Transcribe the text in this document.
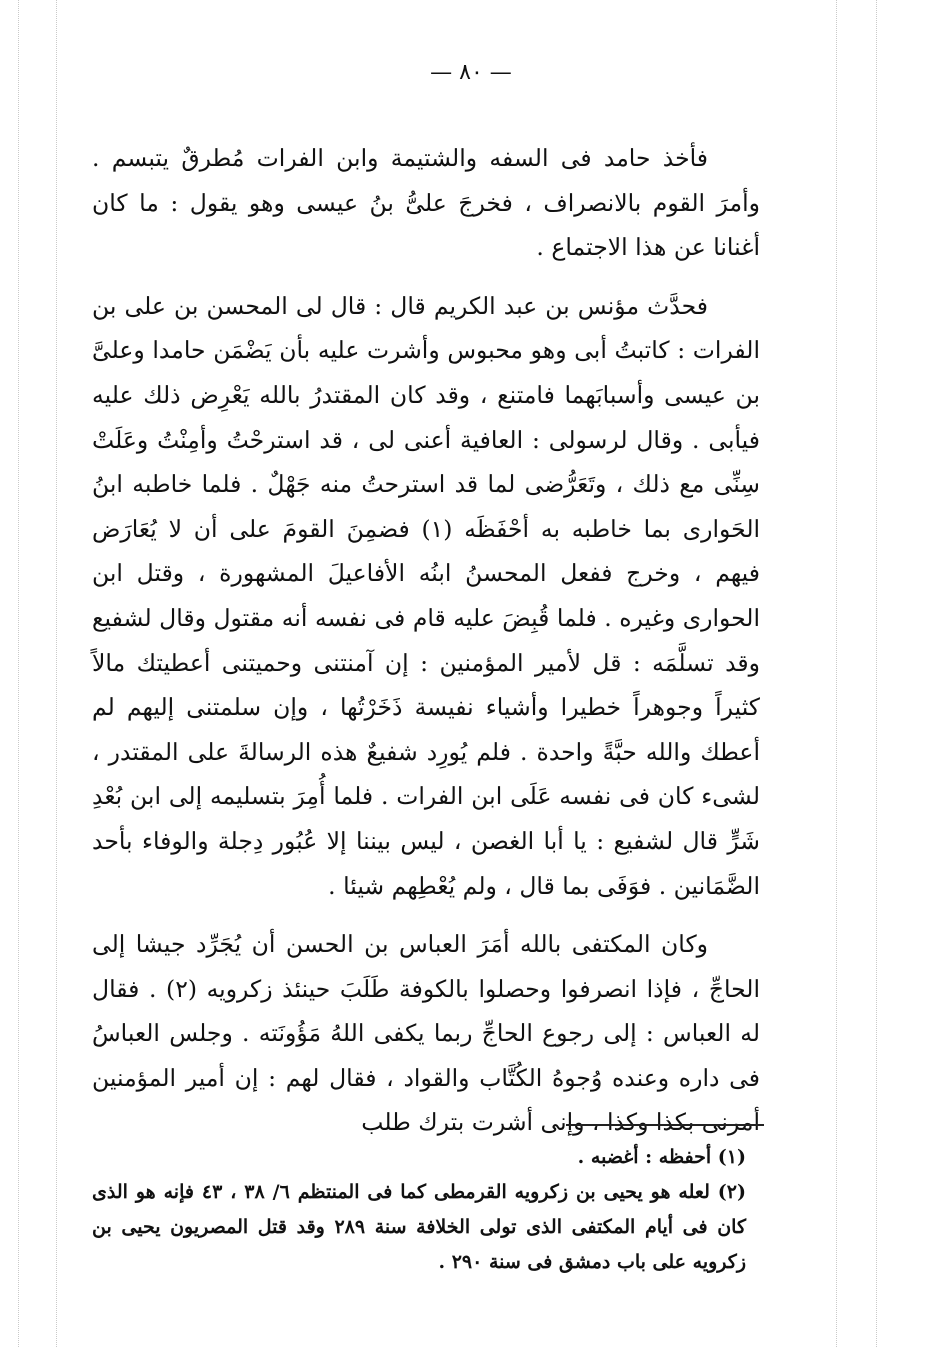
— ٨٠ —

فأخذ حامد فى السفه والشتيمة وابن الفرات مُطرقٌ يتبسم . وأمرَ القوم بالانصراف ، فخرجَ علىُّ بنُ عيسى وهو يقول : ما كان أغنانا عن هذا الاجتماع .

فحدَّث مؤنس بن عبد الكريم قال : قال لى المحسن بن على بن الفرات : كاتبتُ أبى وهو محبوس وأشرت عليه بأن يَضْمَن حامدا وعلىَّ بن عيسى وأسبابَهما فامتنع ، وقد كان المقتدرُ بالله يَعْرِض ذلك عليه فيأبى . وقال لرسولى : العافية أعنى لى ، قد استرحْتُ وأمِنْتُ وعَلَتْ سِنِّى مع ذلك ، وتَعَرُّضى لما قد استرحتُ منه جَهْلٌ . فلما خاطبه ابنُ الحَوارى بما خاطبه به أحْفَظَه (١) فضمِنَ القومَ على أن لا يُعَارَض فيهم ، وخرج ففعل المحسنُ ابنُه الأفاعيلَ المشهورة ، وقتل ابن الحوارى وغيره . فلما قُبِضَ عليه قام فى نفسه أنه مقتول وقال لشفيع وقد تسلَّمَه : قل لأمير المؤمنين : إن آمنتنى وحميتنى أعطيتك مالاً كثيراً وجوهراً خطيرا وأشياء نفيسة ذَخَرْتُها ، وإن سلمتنى إليهم لم أعطك والله حبَّةً واحدة . فلم يُورِد شفيعٌ هذه الرسالةَ على المقتدر ، لشىء كان فى نفسه عَلَى ابن الفرات . فلما أُمِرَ بتسليمه إلى ابن بُعْدِ شَرٍّ قال لشفيع : يا أبا الغصن ، ليس بيننا إلا عُبُور دِجلة والوفاء بأحد الضَّمَانين . فوَفَى بما قال ، ولم يُعْطِهم شيئا .

وكان المكتفى بالله أمَرَ العباس بن الحسن أن يُجَرِّد جيشا إلى الحاجِّ ، فإذا انصرفوا وحصلوا بالكوفة طَلَبَ حينئذ زكرويه (٢) . فقال له العباس : إلى رجوع الحاجِّ ربما يكفى اللهُ مَؤُونَته . وجلس العباسُ فى داره وعنده وُجوهُ الكُتَّاب والقواد ، فقال لهم : إن أمير المؤمنين أمرنى بكذا وكذا ، وإنى أشرت بترك طلب

(١) أحفظه : أغضبه .

(٢) لعله هو يحيى بن زكرويه القرمطى كما فى المنتظم ٦/ ٣٨ ، ٤٣ فإنه هو الذى كان فى أيام المكتفى الذى تولى الخلافة سنة ٢٨٩ وقد قتل المصريون يحيى بن زكرويه على باب دمشق فى سنة ٢٩٠ .
